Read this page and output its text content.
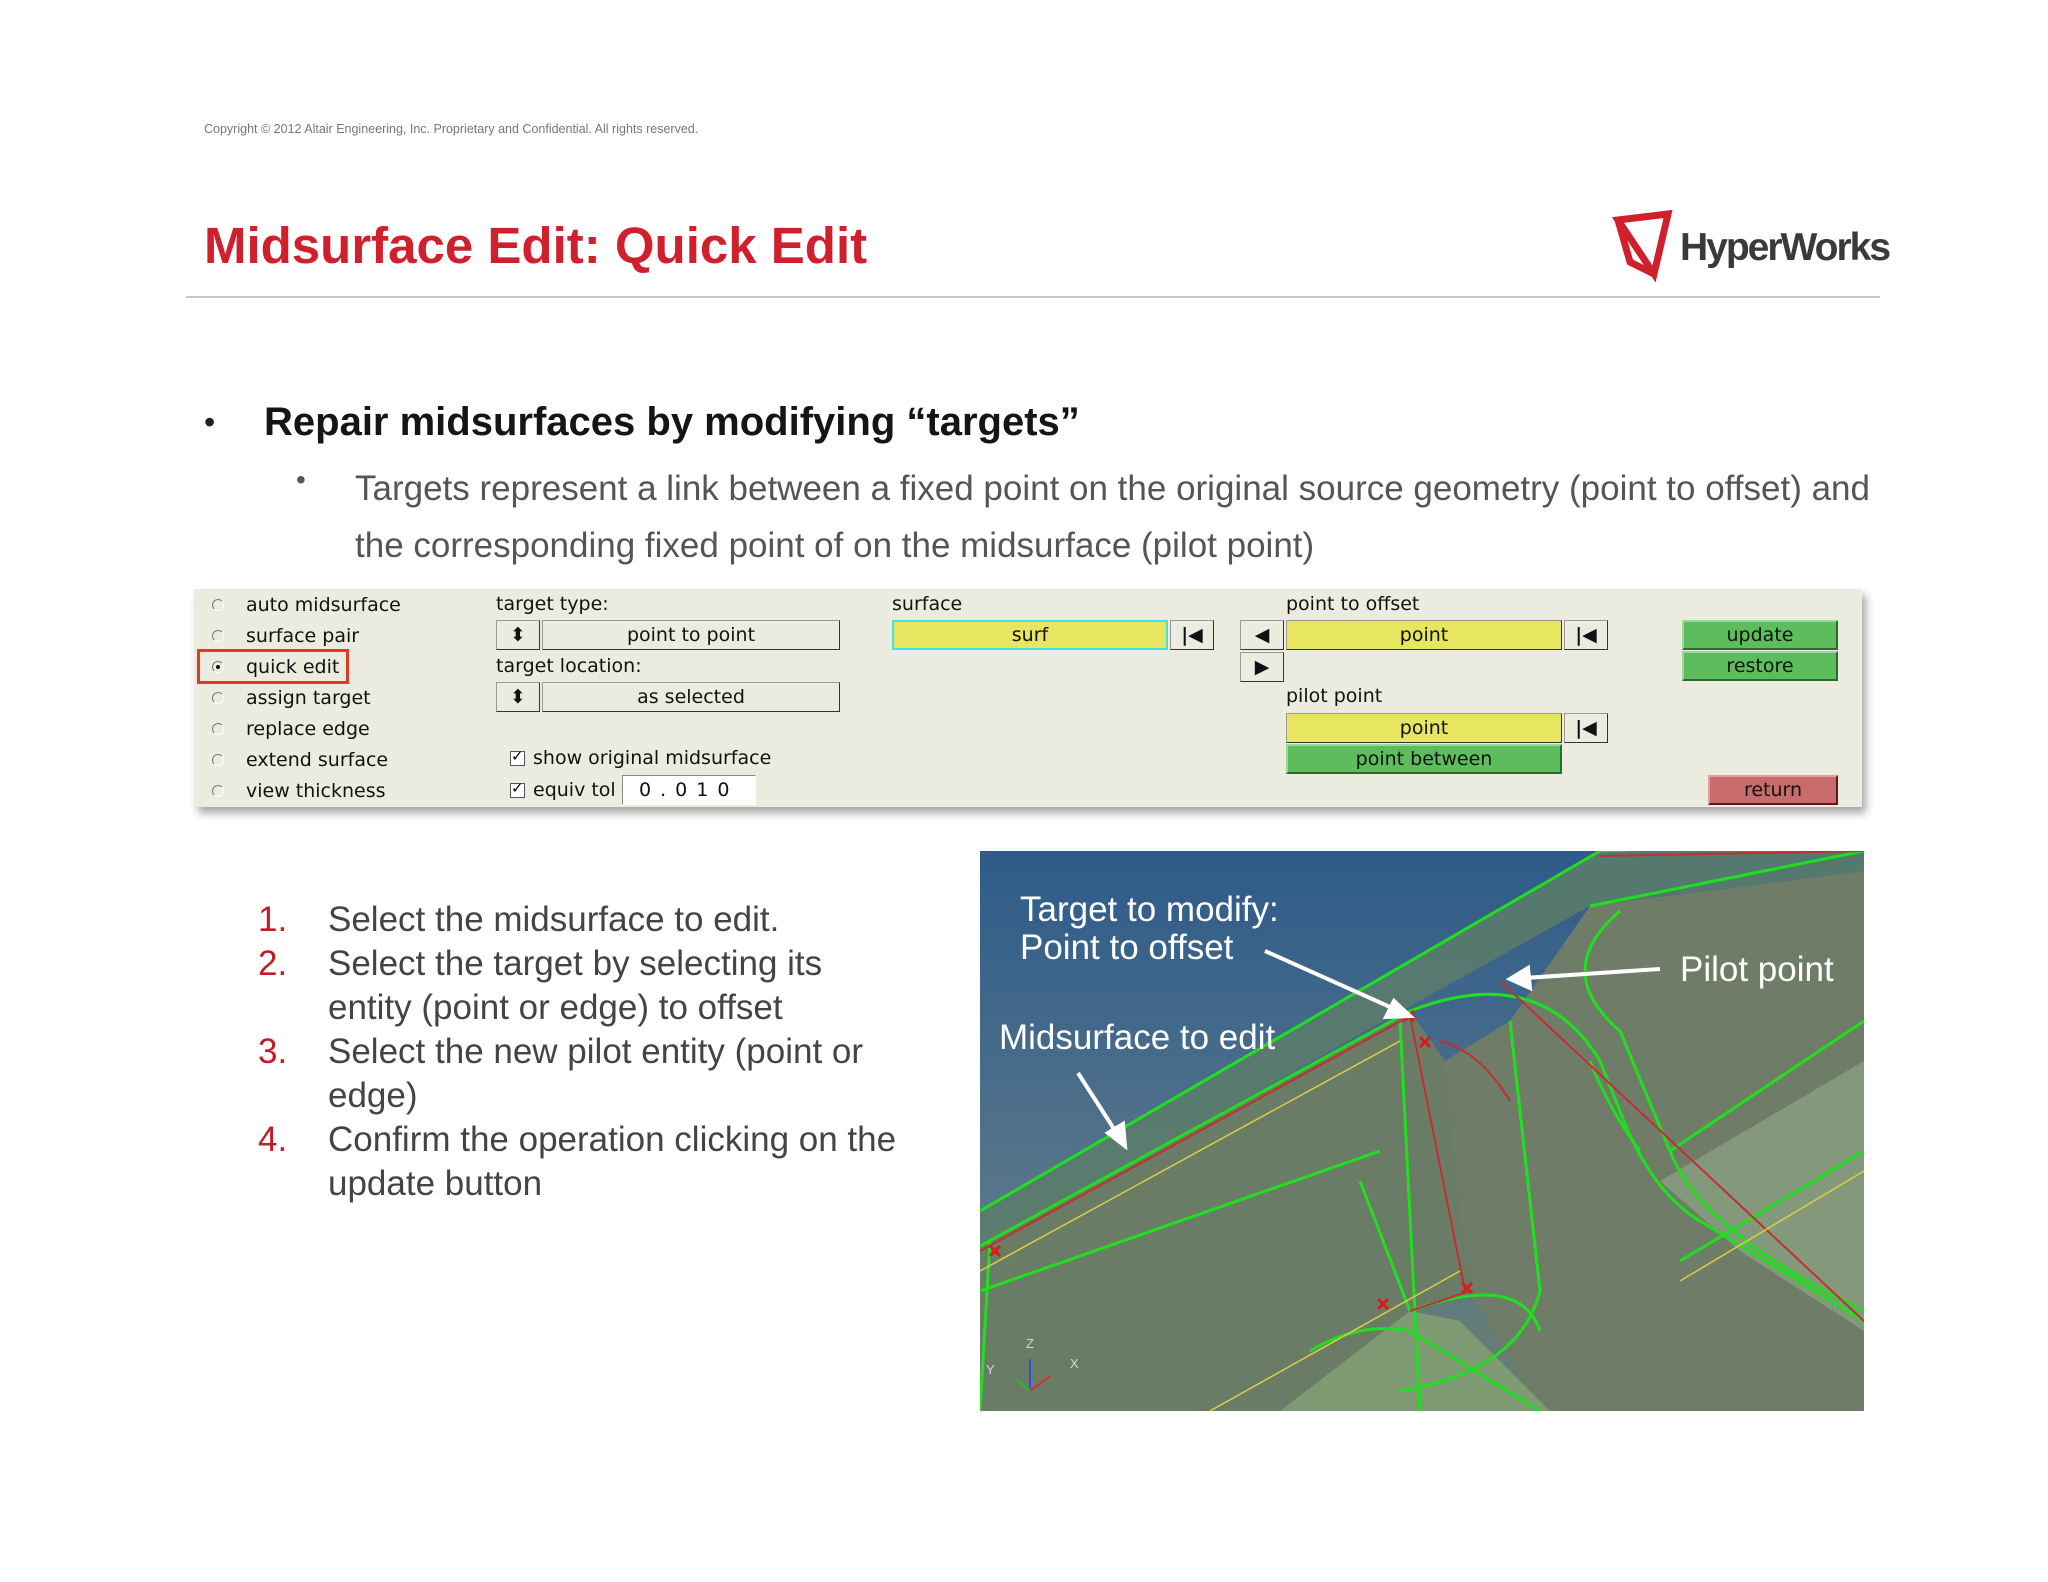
Copyright © 2012 Altair Engineering, Inc. Proprietary and Confidential. All rights reserved.
Midsurface Edit: Quick Edit	HyperWorks
• Repair midsurfaces by modifying “targets”
• Targets represent a link between a fixed point on the original source geometry (point to offset) and the corresponding fixed point of on the midsurface (pilot point)
auto midsurface
surface pair
quick edit
assign target
replace edge
extend surface
view thickness
target type:
⬍	point to point
target location:
⬍	as selected
✓show original midsurface
✓
equiv tol	0.010
surface
surf	|◀	◀
▶
point to offset
point	|◀
pilot point
point	|◀
point between
update
restore
return
1.	Select the midsurface to edit.
2.	Select the target by selecting its entity (point or edge) to offset
3.	Select the new pilot entity (point or edge)
4.	Confirm the operation clicking on the update button
Target to modify:
Point to offset
Pilot point
Midsurface to edit
Z
Y	X
